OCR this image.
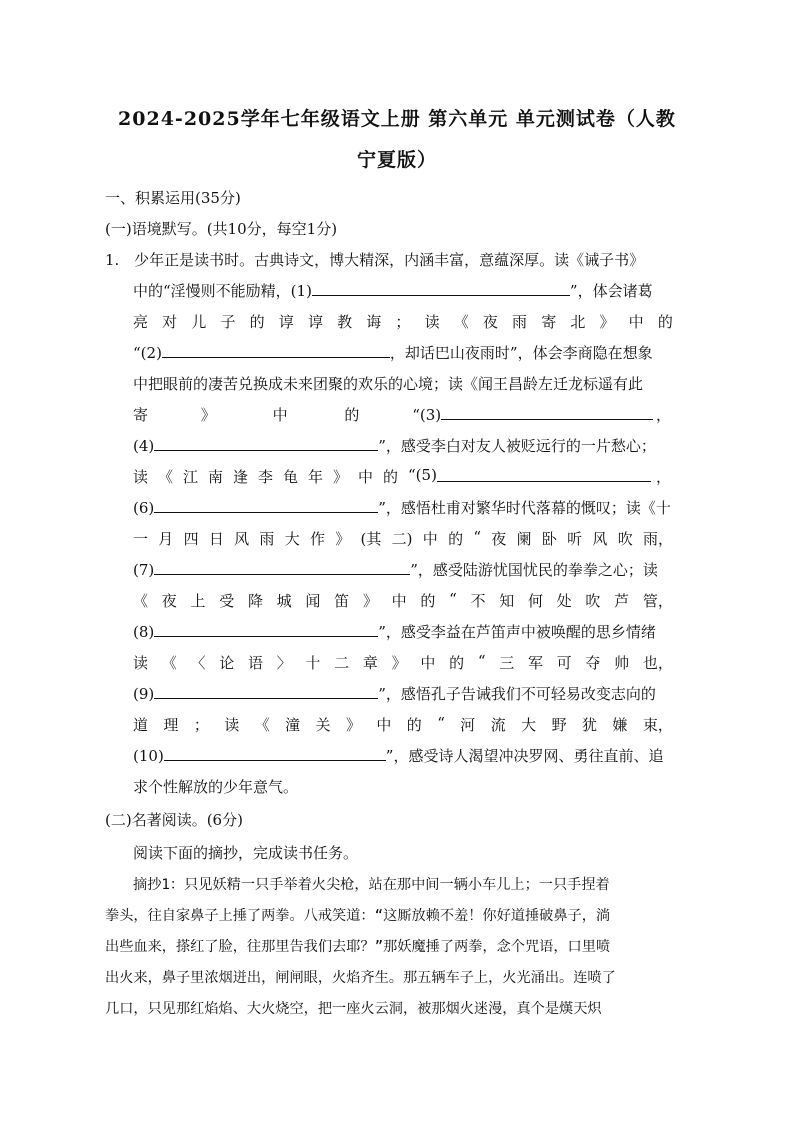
2024-2025学年七年级语文上册 第六单元 单元测试卷（人教
宁夏版）
一、积累运用(35分)
(一)语境默写。(共10分，每空1分)
1. 少年正是读书时。古典诗文，博大精深，内涵丰富，意蕴深厚。读《诫子书》
中的“淫慢则不能励精，(1)	”，体会诸葛
亮 对 儿 子 的 谆 谆 教 诲 ； 读 《 夜 雨 寄 北 》 中 的
“(2)	，却话巴山夜雨时”，体会李商隐在想象
中把眼前的凄苦兑换成未来团聚的欢乐的心境；读《闻王昌龄左迁龙标遥有此
寄	》	中	的	“(3)	，
(4)	”，感受李白对友人被贬远行的一片愁心；
读 《 江 南 逢 李 龟 年 》 中 的 “(5)	，
(6)	”，感悟杜甫对繁华时代落幕的慨叹；读《十
一 月 四 日 风 雨 大 作 》 (其 二) 中 的 “ 夜 阑 卧 听 风 吹 雨，
(7)	”，感受陆游忧国忧民的拳拳之心；读
《 夜 上 受 降 城 闻 笛 》 中 的 “ 不 知 何 处 吹 芦 管，
(8)	”，感受李益在芦笛声中被唤醒的思乡情绪
读 《 〈 论 语 〉 十 二 章 》 中 的 “ 三 军 可 夺 帅 也，
(9)	”，感悟孔子告诫我们不可轻易改变志向的
道 理 ； 读 《 潼 关 》 中 的 “ 河 流 大 野 犹 嫌 束，
(10)	”，感受诗人渴望冲决罗网、勇往直前、追
求个性解放的少年意气。
(二)名著阅读。(6分)
阅读下面的摘抄，完成读书任务。
摘抄1：只见妖精一只手举着火尖枪，站在那中间一辆小车儿上；一只手捏着
拳头，往自家鼻子上捶了两拳。八戒笑道：“这厮放赖不羞！你好道捶破鼻子，淌
出些血来，搽红了脸，往那里告我们去耶？”那妖魔捶了两拳，念个咒语，口里喷
出火来，鼻子里浓烟迸出，闸闸眼，火焰齐生。那五辆车子上，火光涌出。连喷了
几口，只见那红焰焰、大火烧空，把一座火云洞，被那烟火迷漫，真个是熯天炽
